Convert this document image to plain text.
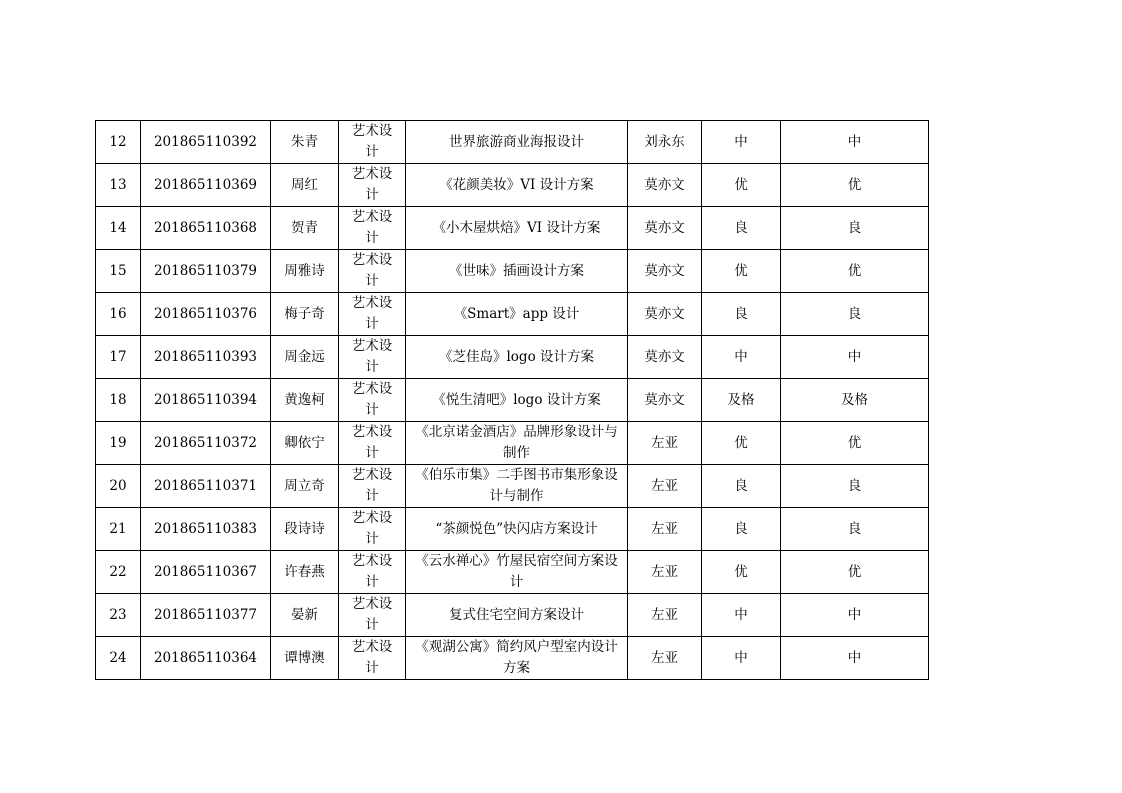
12	201865110392	朱青	艺术设计	世界旅游商业海报设计	刘永东	中	中
13	201865110369	周红	艺术设计	《花颜美妆》VI 设计方案	莫亦文	优	优
14	201865110368	贺青	艺术设计	《小木屋烘焙》VI 设计方案	莫亦文	良	良
15	201865110379	周雅诗	艺术设计	《世味》插画设计方案	莫亦文	优	优
16	201865110376	梅子奇	艺术设计	《Smart》app 设计	莫亦文	良	良
17	201865110393	周金远	艺术设计	《芝佳岛》logo 设计方案	莫亦文	中	中
18	201865110394	黄逸柯	艺术设计	《悦生清吧》logo 设计方案	莫亦文	及格	及格
19	201865110372	卿依宁	艺术设计	《北京诺金酒店》品牌形象设计与制作	左亚	优	优
20	201865110371	周立奇	艺术设计	《伯乐市集》二手图书市集形象设计与制作	左亚	良	良
21	201865110383	段诗诗	艺术设计	“茶颜悦色”快闪店方案设计	左亚	良	良
22	201865110367	许春燕	艺术设计	《云水禅心》竹屋民宿空间方案设计	左亚	优	优
23	201865110377	晏新	艺术设计	复式住宅空间方案设计	左亚	中	中
24	201865110364	谭博澳	艺术设计	《观湖公寓》简约风户型室内设计方案	左亚	中	中
